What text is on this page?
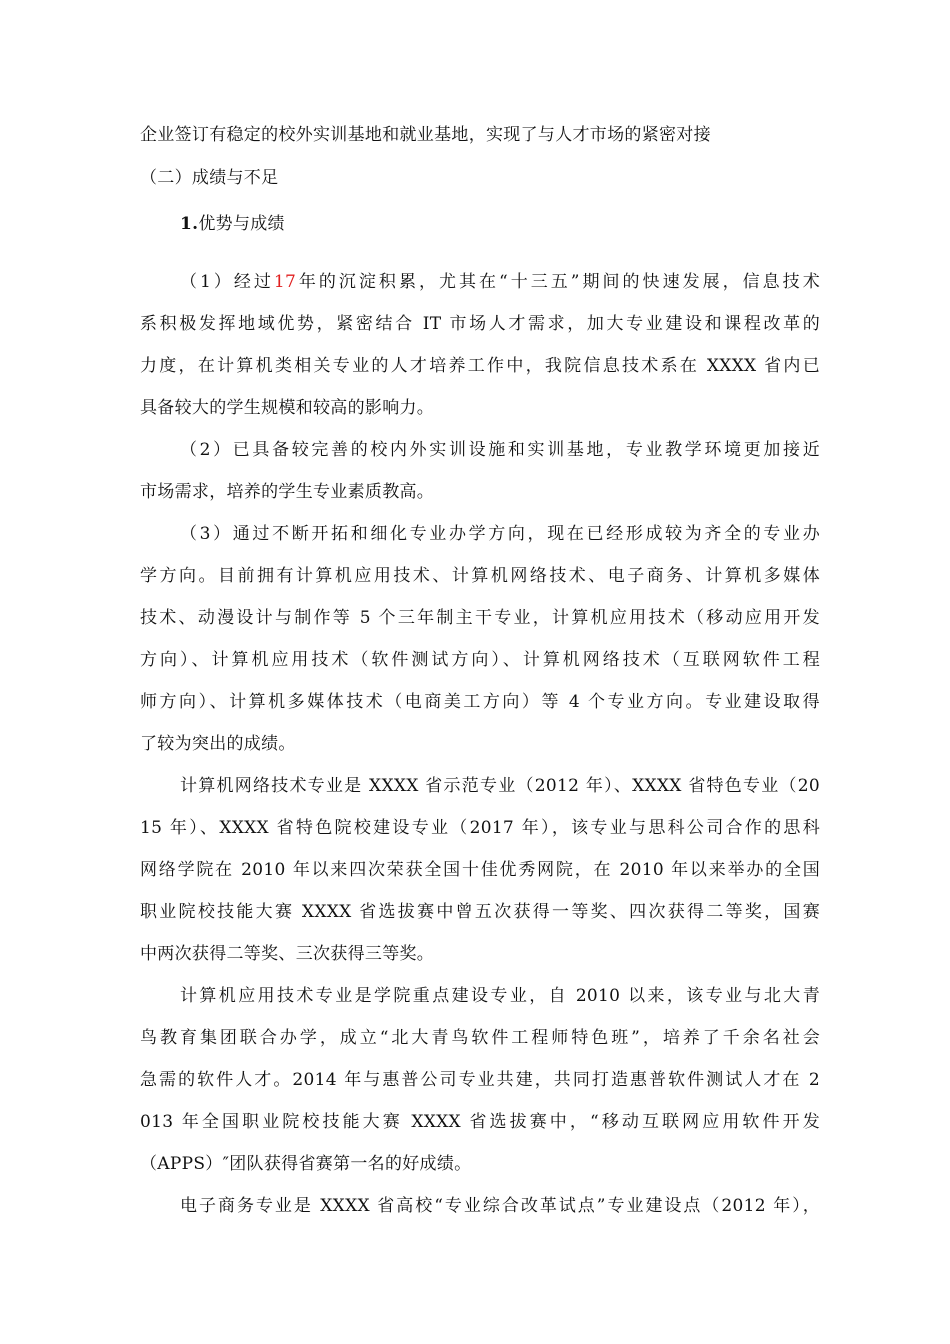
企业签订有稳定的校外实训基地和就业基地，实现了与人才市场的紧密对接
（二）成绩与不足
1.优势与成绩
（1）经过17年的沉淀积累，尤其在“十三五”期间的快速发展，信息技术
系积极发挥地域优势，紧密结合 IT 市场人才需求，加大专业建设和课程改革的
力度，在计算机类相关专业的人才培养工作中，我院信息技术系在 XXXX 省内已
具备较大的学生规模和较高的影响力。
（2）已具备较完善的校内外实训设施和实训基地，专业教学环境更加接近
市场需求，培养的学生专业素质教高。
（3）通过不断开拓和细化专业办学方向，现在已经形成较为齐全的专业办
学方向。目前拥有计算机应用技术、计算机网络技术、电子商务、计算机多媒体
技术、动漫设计与制作等 5 个三年制主干专业，计算机应用技术（移动应用开发
方向）、计算机应用技术（软件测试方向）、计算机网络技术（互联网软件工程
师方向）、计算机多媒体技术（电商美工方向）等 4 个专业方向。专业建设取得
了较为突出的成绩。
计算机网络技术专业是 XXXX 省示范专业（2012 年）、XXXX 省特色专业（20
15 年）、XXXX 省特色院校建设专业（2017 年），该专业与思科公司合作的思科
网络学院在 2010 年以来四次荣获全国十佳优秀网院，在 2010 年以来举办的全国
职业院校技能大赛 XXXX 省选拔赛中曾五次获得一等奖、四次获得二等奖，国赛
中两次获得二等奖、三次获得三等奖。
计算机应用技术专业是学院重点建设专业，自 2010 以来，该专业与北大青
鸟教育集团联合办学，成立“北大青鸟软件工程师特色班”，培养了千余名社会
急需的软件人才。2014 年与惠普公司专业共建，共同打造惠普软件测试人才在 2
013 年全国职业院校技能大赛 XXXX 省选拔赛中，“移动互联网应用软件开发
（APPS）″团队获得省赛第一名的好成绩。
电子商务专业是 XXXX 省高校“专业综合改革试点”专业建设点（2012 年），
